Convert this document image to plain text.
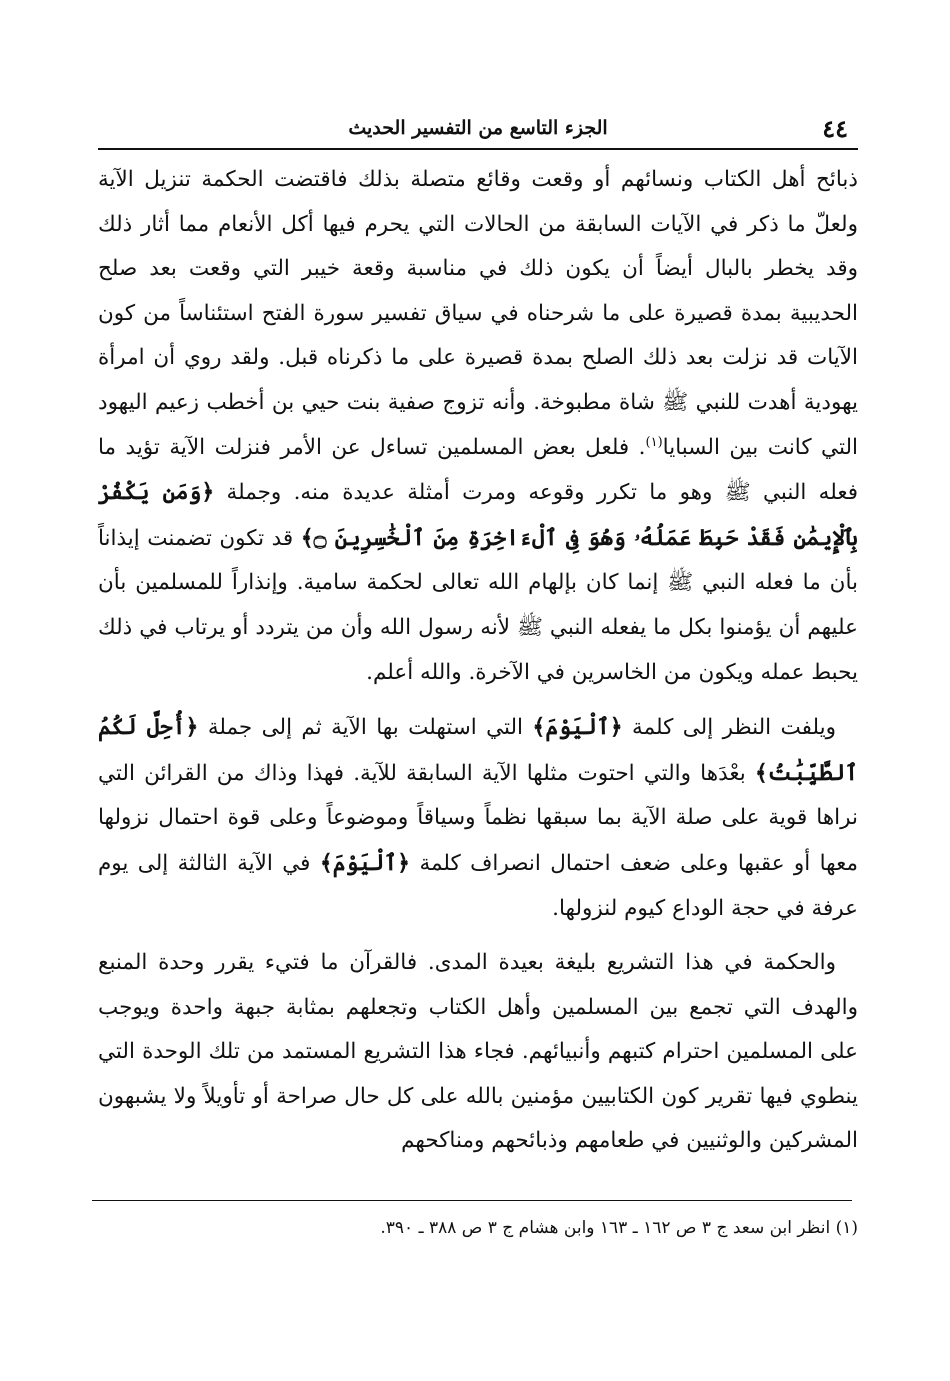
٤٤
الجزء التاسع من التفسير الحديث

ذبائح أهل الكتاب ونسائهم أو وقعت وقائع متصلة بذلك فاقتضت الحكمة تنزيل الآية ولعلّ ما ذكر في الآيات السابقة من الحالات التي يحرم فيها أكل الأنعام مما أثار ذلك وقد يخطر بالبال أيضاً أن يكون ذلك في مناسبة وقعة خيبر التي وقعت بعد صلح الحديبية بمدة قصيرة على ما شرحناه في سياق تفسير سورة الفتح استئناساً من كون الآيات قد نزلت بعد ذلك الصلح بمدة قصيرة على ما ذكرناه قبل. ولقد روي أن امرأة يهودية أهدت للنبي ﷺ شاة مطبوخة. وأنه تزوج صفية بنت حيي بن أخطب زعيم اليهود التي كانت بين السبايا$^{(١)}$. فلعل بعض المسلمين تساءل عن الأمر فنزلت الآية تؤيد ما فعله النبي ﷺ وهو ما تكرر وقوعه ومرت أمثلة عديدة منه. وجملة ﴿وَمَن يَكْفُرْ بِٱلْإِيمَٰنِ فَقَدْ حَبِطَ عَمَلُهُۥ وَهُوَ فِى ٱلْءَاخِرَةِ مِنَ ٱلْخَٰسِرِينَ ۝﴾ قد تكون تضمنت إيذاناً بأن ما فعله النبي ﷺ إنما كان بإلهام الله تعالى لحكمة سامية. وإنذاراً للمسلمين بأن عليهم أن يؤمنوا بكل ما يفعله النبي ﷺ لأنه رسول الله وأن من يتردد أو يرتاب في ذلك يحبط عمله ويكون من الخاسرين في الآخرة. والله أعلم.

ويلفت النظر إلى كلمة ﴿ٱلْيَوْمَ﴾ التي استهلت بها الآية ثم إلى جملة ﴿أُحِلَّ لَكُمُ ٱلطَّيِّبَٰتُ﴾ بعْدَها والتي احتوت مثلها الآية السابقة للآية. فهذا وذاك من القرائن التي نراها قوية على صلة الآية بما سبقها نظماً وسياقاً وموضوعاً وعلى قوة احتمال نزولها معها أو عقبها وعلى ضعف احتمال انصراف كلمة ﴿ٱلْيَوْمَ﴾ في الآية الثالثة إلى يوم عرفة في حجة الوداع كيوم لنزولها.

والحكمة في هذا التشريع بليغة بعيدة المدى. فالقرآن ما فتيء يقرر وحدة المنبع والهدف التي تجمع بين المسلمين وأهل الكتاب وتجعلهم بمثابة جبهة واحدة ويوجب على المسلمين احترام كتبهم وأنبيائهم. فجاء هذا التشريع المستمد من تلك الوحدة التي ينطوي فيها تقرير كون الكتابيين مؤمنين بالله على كل حال صراحة أو تأويلاً ولا يشبهون المشركين والوثنيين في طعامهم وذبائحهم ومناكحهم

(١) انظر ابن سعد ج ٣ ص ١٦٢ ـ ١٦٣ وابن هشام ج ٣ ص ٣٨٨ ـ ٣٩٠.
